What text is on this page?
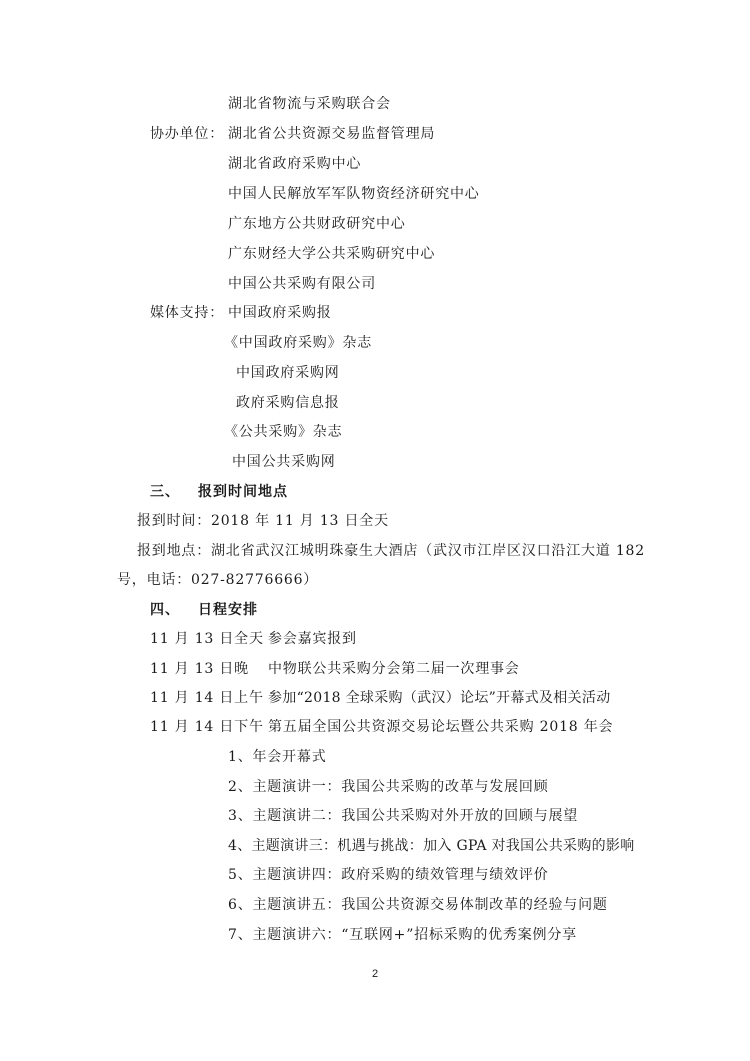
湖北省物流与采购联合会
协办单位： 湖北省公共资源交易监督管理局
湖北省政府采购中心
中国人民解放军军队物资经济研究中心
广东地方公共财政研究中心
广东财经大学公共采购研究中心
中国公共采购有限公司
媒体支持： 中国政府采购报
《中国政府采购》杂志
中国政府采购网
政府采购信息报
《公共采购》杂志
中国公共采购网
三、 报到时间地点
报到时间：2018 年 11 月 13 日全天
报到地点：湖北省武汉江城明珠豪生大酒店（武汉市江岸区汉口沿江大道 182
号，电话：027-82776666）
四、 日程安排
11 月 13 日全天 参会嘉宾报到
11 月 13 日晚 中物联公共采购分会第二届一次理事会
11 月 14 日上午 参加“2018 全球采购（武汉）论坛”开幕式及相关活动
11 月 14 日下午 第五届全国公共资源交易论坛暨公共采购 2018 年会
1、年会开幕式
2、主题演讲一：我国公共采购的改革与发展回顾
3、主题演讲二：我国公共采购对外开放的回顾与展望
4、主题演讲三：机遇与挑战：加入 GPA 对我国公共采购的影响
5、主题演讲四：政府采购的绩效管理与绩效评价
6、主题演讲五：我国公共资源交易体制改革的经验与问题
7、主题演讲六：“互联网+”招标采购的优秀案例分享
2
